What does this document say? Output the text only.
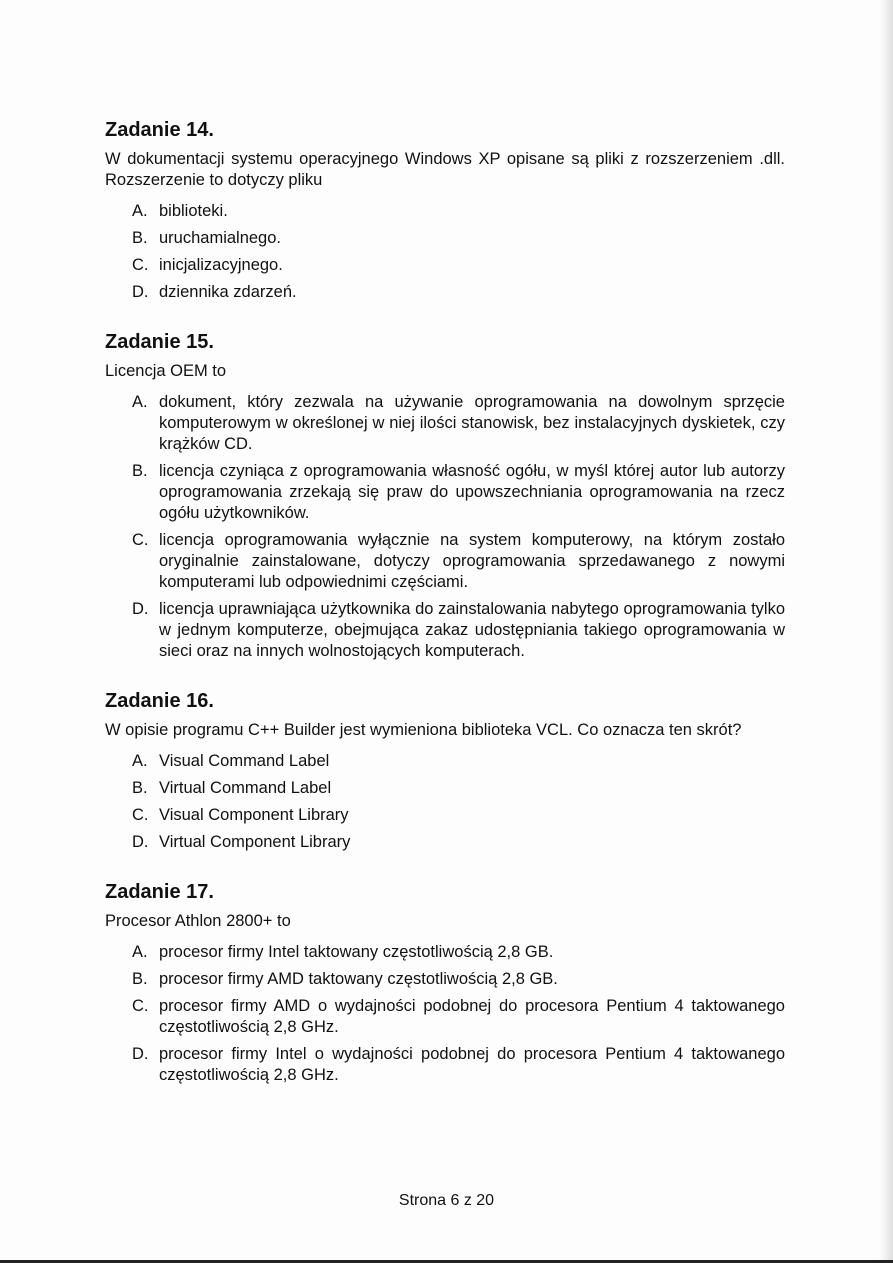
Zadanie 14.
W dokumentacji systemu operacyjnego Windows XP opisane są pliki z rozszerzeniem .dll. Rozszerzenie to dotyczy pliku
A. biblioteki.
B. uruchamialnego.
C. inicjalizacyjnego.
D. dziennika zdarzeń.
Zadanie 15.
Licencja OEM to
A. dokument, który zezwala na używanie oprogramowania na dowolnym sprzęcie komputerowym w określonej w niej ilości stanowisk, bez instalacyjnych dyskietek, czy krążków CD.
B. licencja czyniąca z oprogramowania własność ogółu, w myśl której autor lub autorzy oprogramowania zrzekają się praw do upowszechniania oprogramowania na rzecz ogółu użytkowników.
C. licencja oprogramowania wyłącznie na system komputerowy, na którym zostało oryginalnie zainstalowane, dotyczy oprogramowania sprzedawanego z nowymi komputerami lub odpowiednimi częściami.
D. licencja uprawniająca użytkownika do zainstalowania nabytego oprogramowania tylko w jednym komputerze, obejmująca zakaz udostępniania takiego oprogramowania w sieci oraz na innych wolnostojących komputerach.
Zadanie 16.
W opisie programu C++ Builder jest wymieniona biblioteka VCL. Co oznacza ten skrót?
A. Visual Command Label
B. Virtual Command Label
C. Visual Component Library
D. Virtual Component Library
Zadanie 17.
Procesor Athlon 2800+ to
A. procesor firmy Intel taktowany częstotliwością 2,8 GB.
B. procesor firmy AMD taktowany częstotliwością 2,8 GB.
C. procesor firmy AMD o wydajności podobnej do procesora Pentium 4 taktowanego częstotliwością 2,8 GHz.
D. procesor firmy Intel o wydajności podobnej do procesora Pentium 4 taktowanego częstotliwością 2,8 GHz.
Strona 6 z 20
